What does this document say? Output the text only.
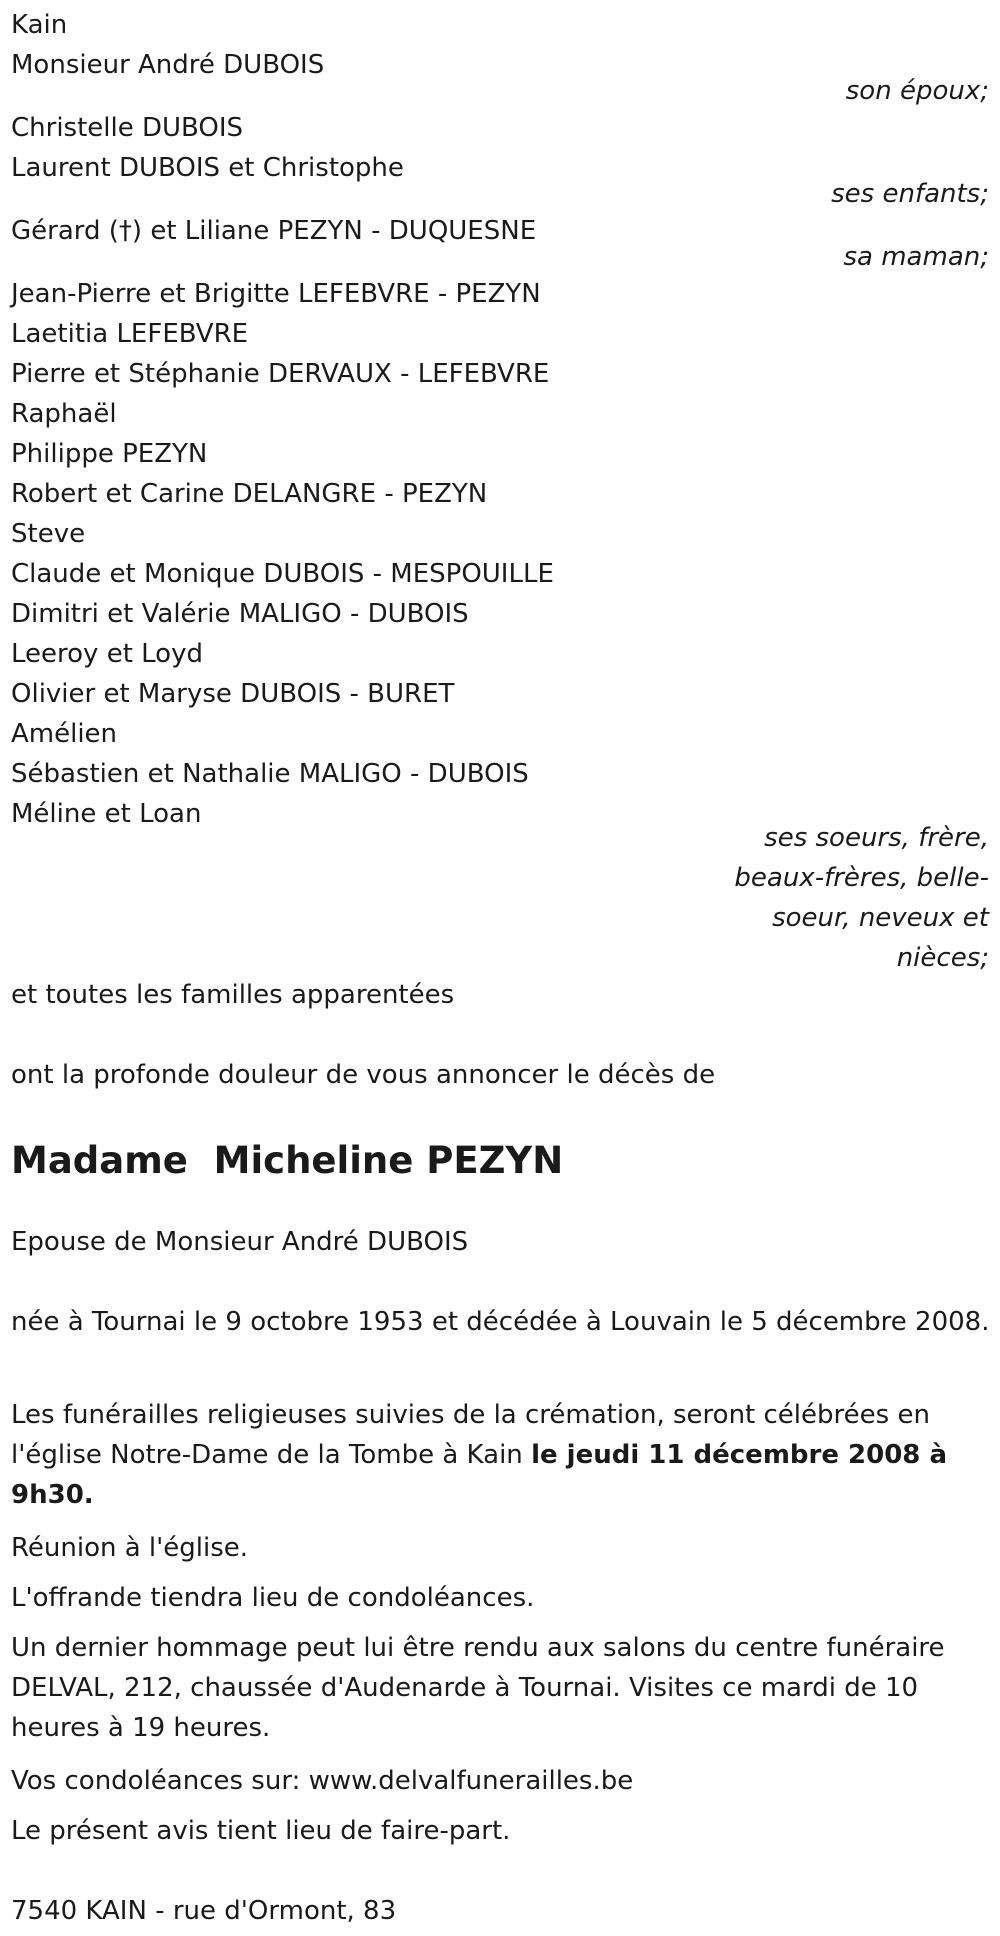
Kain

Monsieur André DUBOIS

son époux;

Christelle DUBOIS

Laurent DUBOIS et Christophe

ses enfants;

Gérard (†) et Liliane PEZYN - DUQUESNE

sa maman;

Jean-Pierre et Brigitte LEFEBVRE - PEZYN

Laetitia LEFEBVRE

Pierre et Stéphanie DERVAUX - LEFEBVRE

Raphaël

Philippe PEZYN

Robert et Carine DELANGRE - PEZYN

Steve

Claude et Monique DUBOIS - MESPOUILLE

Dimitri et Valérie MALIGO - DUBOIS

Leeroy et Loyd

Olivier et Maryse DUBOIS - BURET

Amélien

Sébastien et Nathalie MALIGO - DUBOIS

Méline et Loan

ses soeurs, frère,
beaux-frères, belle-
soeur, neveux et
nièces;

et toutes les familles apparentées

ont la profonde douleur de vous annoncer le décès de

Madame  Micheline PEZYN

Epouse de Monsieur André DUBOIS

née à Tournai le 9 octobre 1953 et décédée à Louvain le 5 décembre 2008.

Les funérailles religieuses suivies de la crémation, seront célébrées en l'église Notre-Dame de la Tombe à Kain le jeudi 11 décembre 2008 à 9h30.

Réunion à l'église.

L'offrande tiendra lieu de condoléances.

Un dernier hommage peut lui être rendu aux salons du centre funéraire DELVAL, 212, chaussée d'Audenarde à Tournai. Visites ce mardi de 10 heures à 19 heures.

Vos condoléances sur: www.delvalfunerailles.be

Le présent avis tient lieu de faire-part.

7540 KAIN - rue d'Ormont, 83
